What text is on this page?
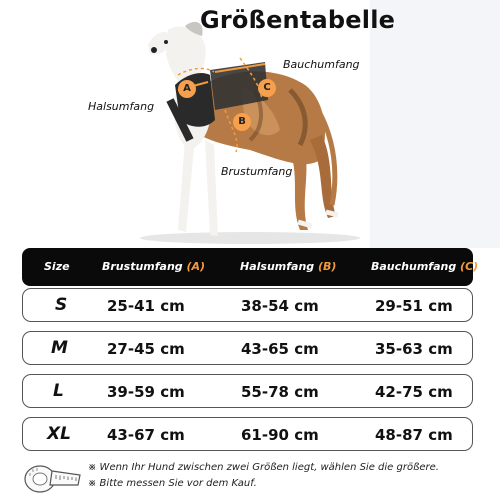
Größentabelle
Bauchumfang
Halsumfang
Brustumfang
A
B
C
Size	Brustumfang (A)	Halsumfang (B)	Bauchumfang (C)
S	25-41 cm	38-54 cm	29-51 cm
M	27-45 cm	43-65 cm	35-63 cm
L	39-59 cm	55-78 cm	42-75 cm
XL 43-67 cm	61-90 cm	48-87 cm
※ Wenn Ihr Hund zwischen zwei Größen liegt, wählen Sie die größere.
※ Bitte messen Sie vor dem Kauf.
